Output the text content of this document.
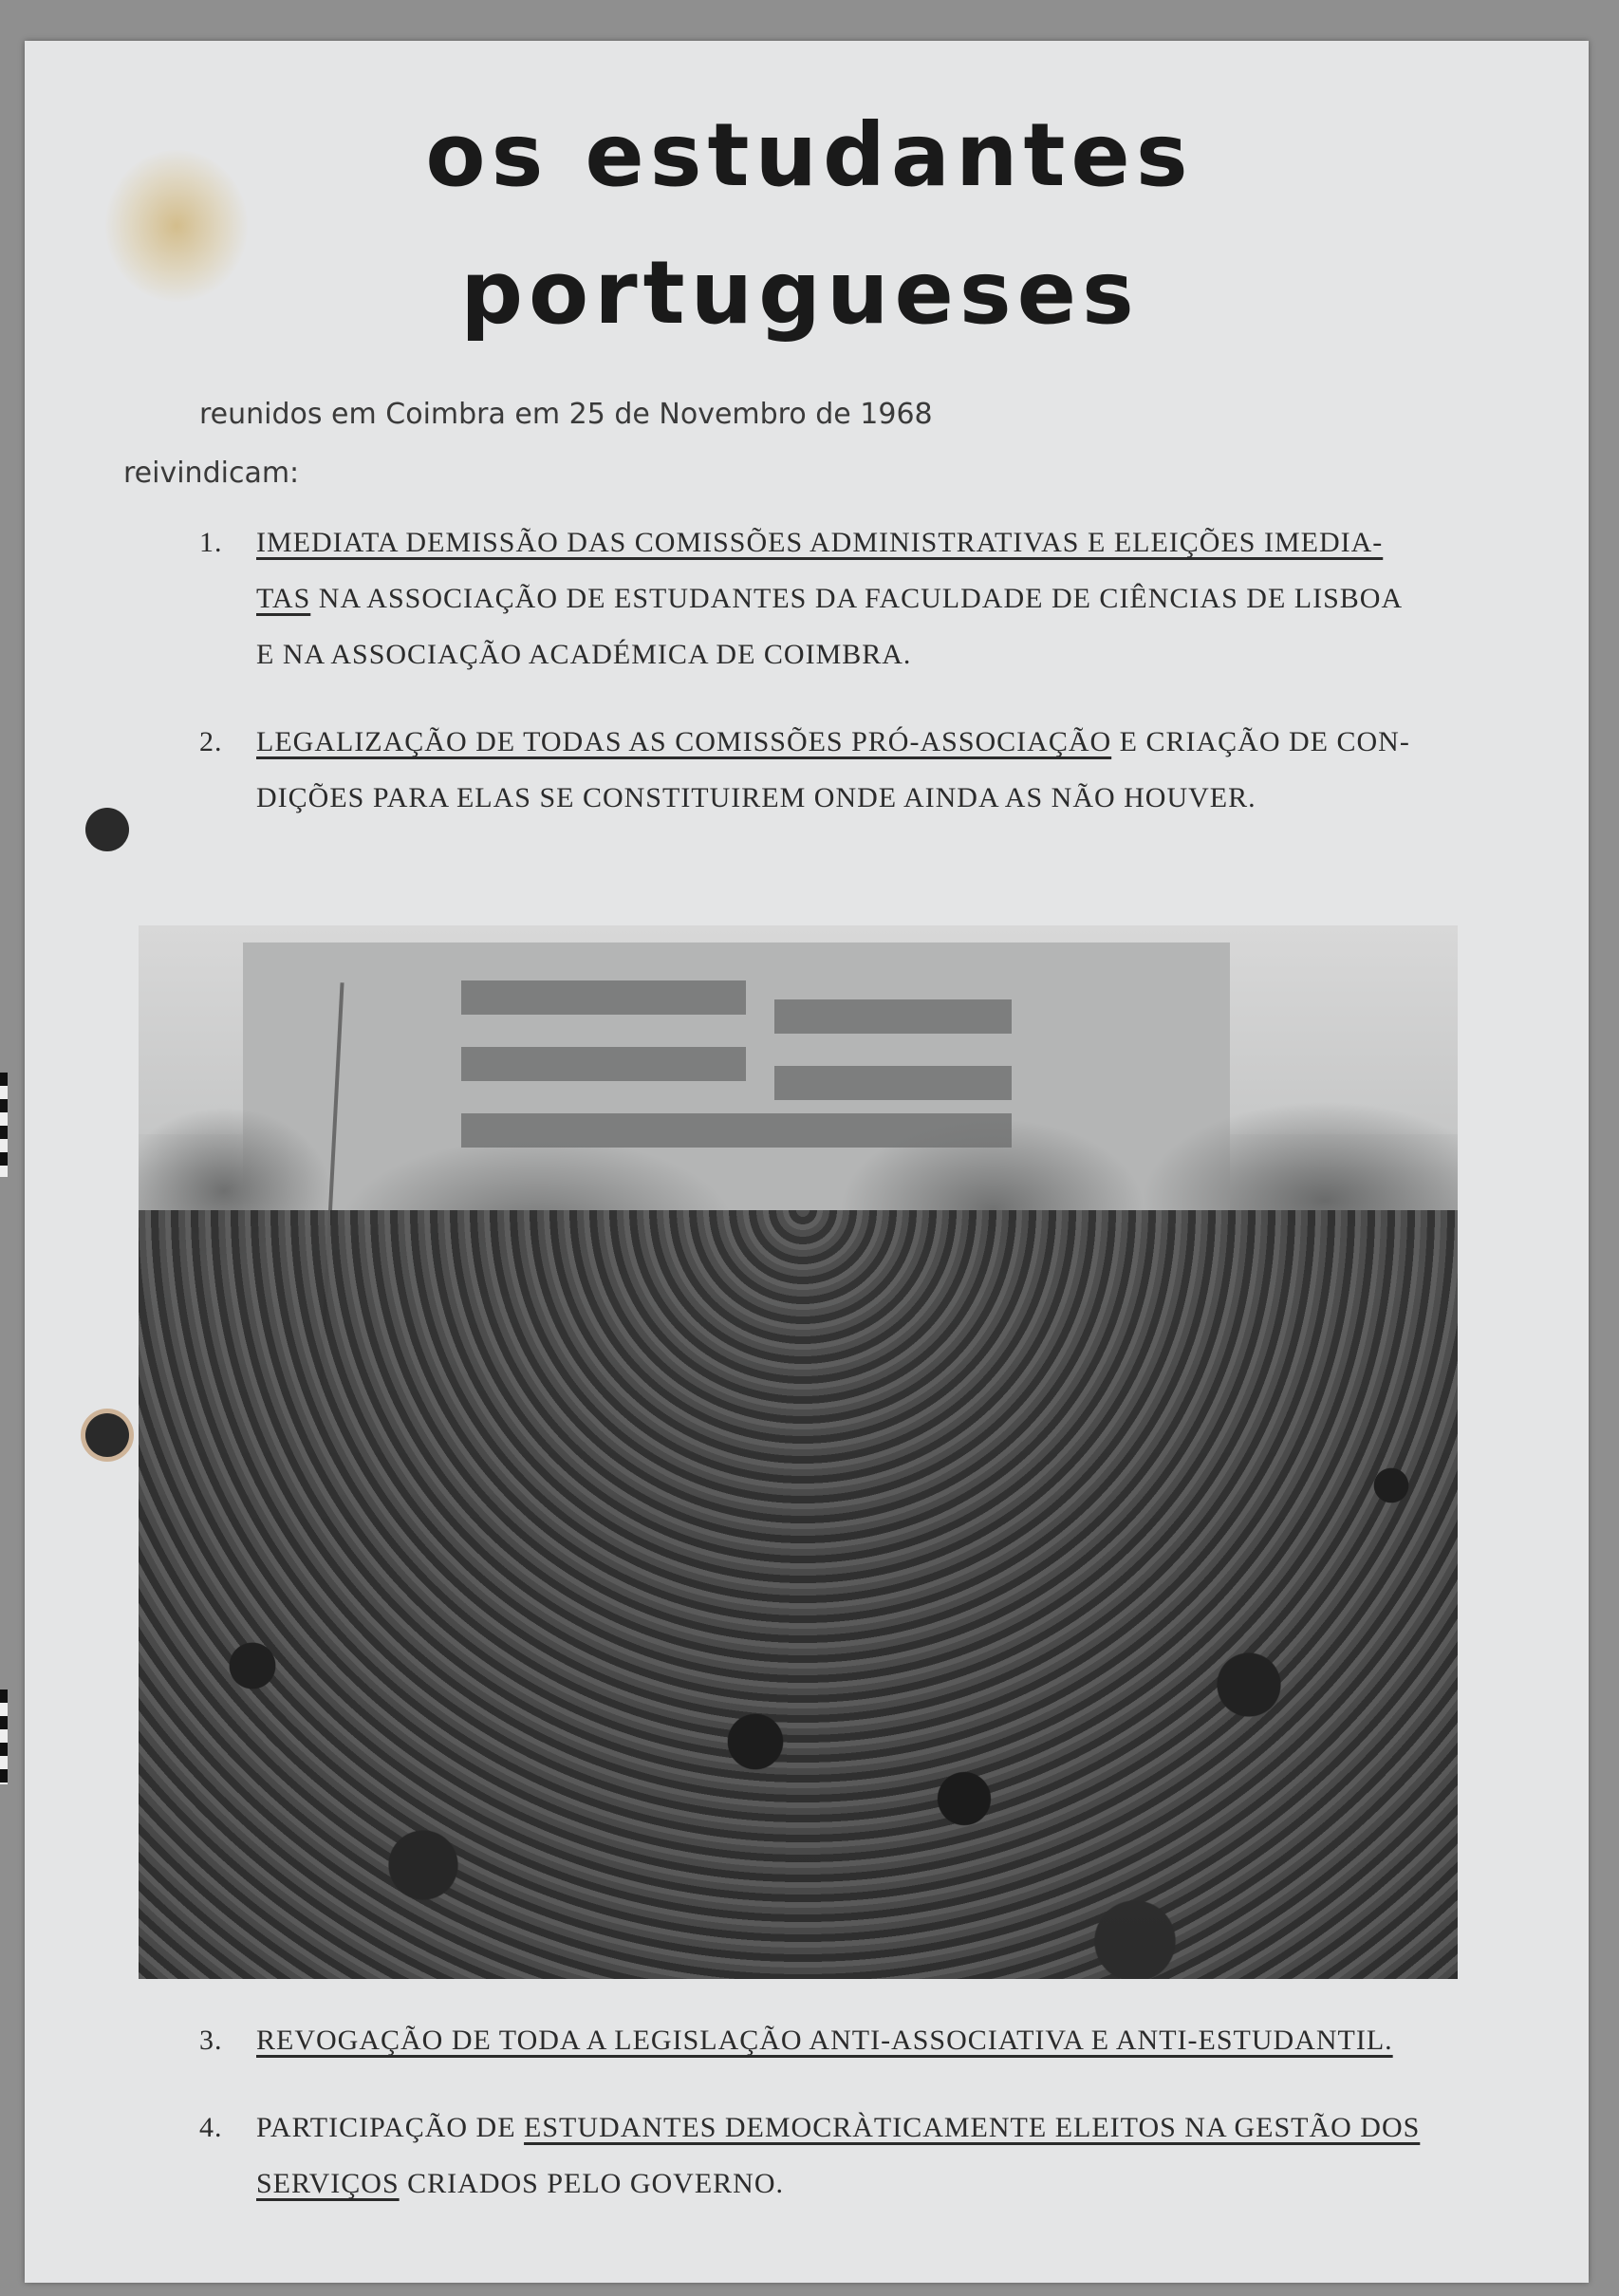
os estudantes
portugueses
reunidos em Coimbra em 25 de Novembro de 1968
reivindicam:
1. IMEDIATA DEMISSÃO DAS COMISSÕES ADMINISTRATIVAS E ELEIÇÕES IMEDIA-
TAS NA ASSOCIAÇÃO DE ESTUDANTES DA FACULDADE DE CIÊNCIAS DE LISBOA
E NA ASSOCIAÇÃO ACADÉMICA DE COIMBRA.
2. LEGALIZAÇÃO DE TODAS AS COMISSÕES PRÓ-ASSOCIAÇÃO E CRIAÇÃO DE CON-
DIÇÕES PARA ELAS SE CONSTITUIREM ONDE AINDA AS NÃO HOUVER.
3. REVOGAÇÃO DE TODA A LEGISLAÇÃO ANTI-ASSOCIATIVA E ANTI-ESTUDANTIL.
4. PARTICIPAÇÃO DE ESTUDANTES DEMOCRÀTICAMENTE ELEITOS NA GESTÃO DOS
SERVIÇOS CRIADOS PELO GOVERNO.
